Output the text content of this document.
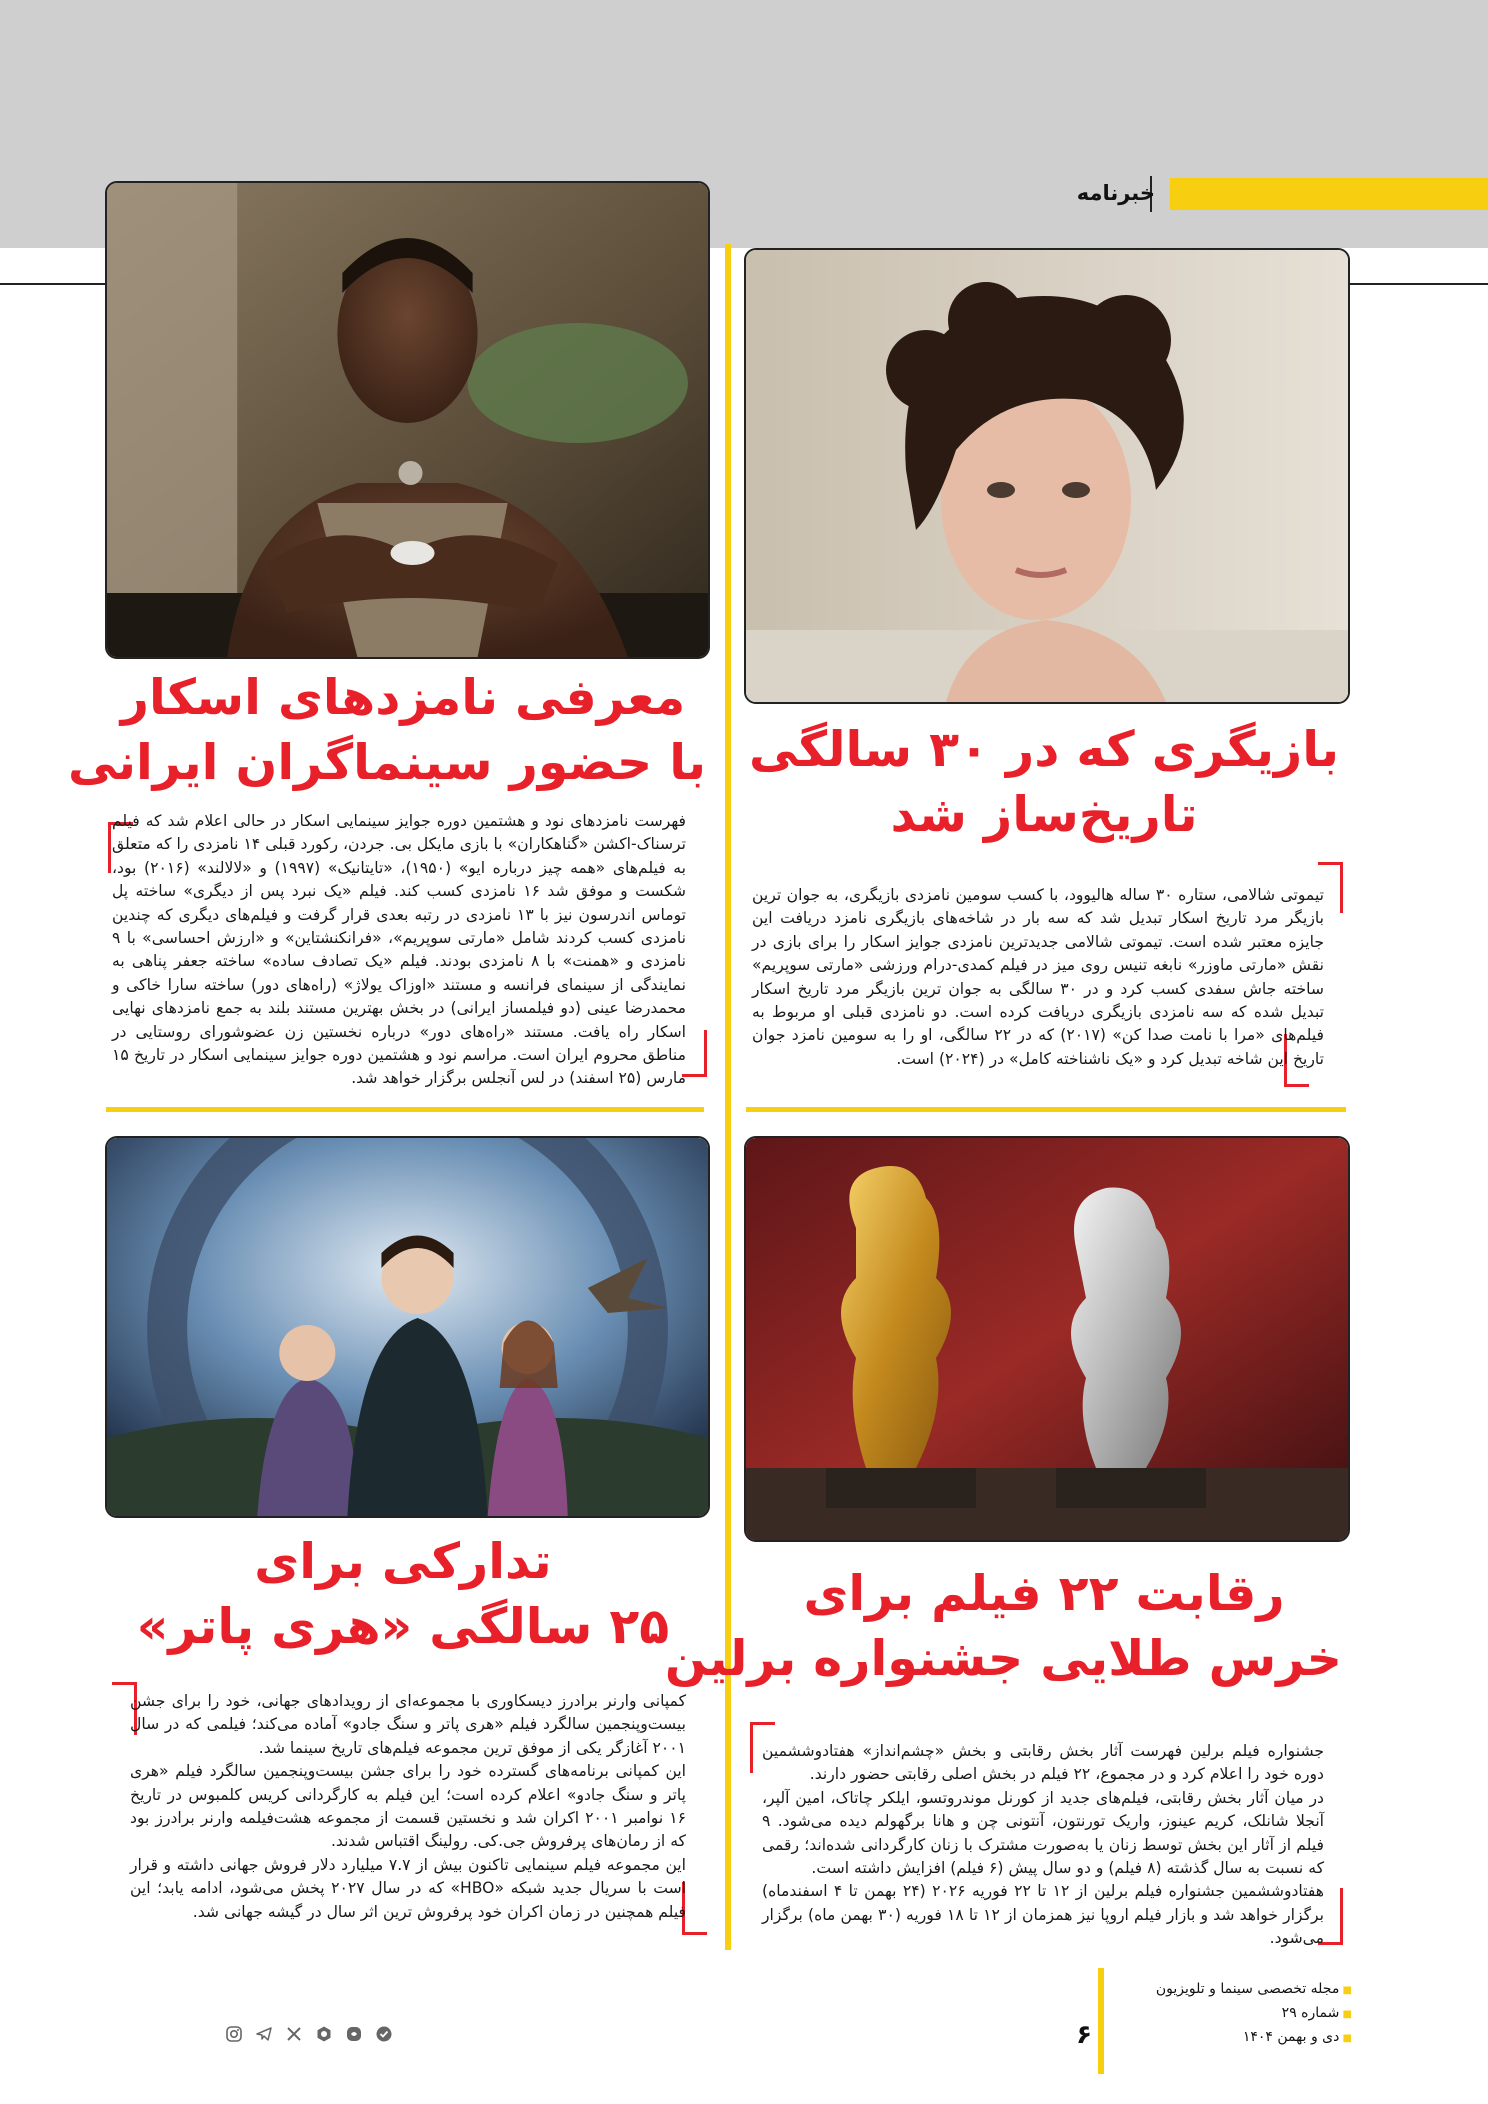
خبرنامه
معرفی نامزدهای اسکار
با حضور سینماگران ایرانی بازیگری که در ۳۰ سالگی
تاریخ‌ساز شد
تدارکی برای
۲۵ سالگی «هری پاتر»
رقابت ۲۲ فیلم برای
خرس طلایی جشنواره برلین

فهرست نامزدهای نود و هشتمین دوره جوایز سینمایی اسکار در حالی اعلام شد که فیلم ترسناک-اکشن «گناهکاران» با بازی مایکل بی. جردن، رکورد قبلی ۱۴ نامزدی را که متعلق به فیلم‌های «همه چیز درباره ایو» (۱۹۵۰)، «تایتانیک» (۱۹۹۷) و «لالالند» (۲۰۱۶) بود، شکست و موفق شد ۱۶ نامزدی کسب کند. فیلم «یک نبرد پس از دیگری» ساخته پل توماس اندرسون نیز با ۱۳ نامزدی در رتبه بعدی قرار گرفت و فیلم‌های دیگری که چندین نامزدی کسب کردند شامل «مارتی سوپریم»، «فرانکنشتاین» و «ارزش احساسی» با ۹ نامزدی و «همنت» با ۸ نامزدی بودند. فیلم «یک تصادف ساده» ساخته جعفر پناهی به نمایندگی از سینمای فرانسه و مستند «اوزاک یولاژ» (راه‌های دور) ساخته سارا خاکی و محمدرضا عینی (دو فیلمساز ایرانی) در بخش بهترین مستند بلند به جمع نامزدهای نهایی اسکار راه یافت. مستند «راه‌های دور» درباره نخستین زن عضوشورای روستایی در مناطق محروم ایران است. مراسم نود و هشتمین دوره جوایز سینمایی اسکار در تاریخ ۱۵ مارس (۲۵ اسفند) در لس آنجلس برگزار خواهد شد.

تیموتی شالامی، ستاره ۳۰ ساله هالیوود، با کسب سومین نامزدی بازیگری، به جوان ترین بازیگر مرد تاریخ اسکار تبدیل شد که سه بار در شاخه‌های بازیگری نامزد دریافت این جایزه معتبر شده است. تیموتی شالامی جدیدترین نامزدی جوایز اسکار را برای بازی در نقش «مارتی ماوزر» نابغه تنیس روی میز در فیلم کمدی-درام ورزشی «مارتی سوپریم» ساخته جاش سفدی کسب کرد و در ۳۰ سالگی به جوان ترین بازیگر مرد تاریخ اسکار تبدیل شده که سه نامزدی بازیگری دریافت کرده است. دو نامزدی قبلی او مربوط به فیلم‌های «مرا با نامت صدا کن» (۲۰۱۷) که در ۲۲ سالگی، او را به سومین نامزد جوان تاریخ این شاخه تبدیل کرد و «یک ناشناخته کامل» در (۲۰۲۴) است.

کمپانی وارنر برادرز دیسکاوری با مجموعه‌ای از رویدادهای جهانی، خود را برای جشن بیست‌وپنجمین سالگرد فیلم «هری پاتر و سنگ جادو» آماده می‌کند؛ فیلمی که در سال ۲۰۰۱ آغازگر یکی از موفق ترین مجموعه فیلم‌های تاریخ سینما شد.

این کمپانی برنامه‌های گسترده خود را برای جشن بیست‌وپنجمین سالگرد فیلم «هری پاتر و سنگ جادو» اعلام کرده است؛ این فیلم به کارگردانی کریس کلمبوس در تاریخ ۱۶ نوامبر ۲۰۰۱ اکران شد و نخستین قسمت از مجموعه هشت‌فیلمه وارنر برادرز بود که از رمان‌های پرفروش جی.کی. رولینگ اقتباس شدند.

این مجموعه فیلم سینمایی تاکنون بیش از ۷.۷ میلیارد دلار فروش جهانی داشته و قرار است با سریال جدید شبکه «HBO» که در سال ۲۰۲۷ پخش می‌شود، ادامه یابد؛ این فیلم همچنین در زمان اکران خود پرفروش ترین اثر سال در گیشه جهانی شد.

جشنواره فیلم برلین فهرست آثار بخش رقابتی و بخش «چشم‌انداز» هفتادوششمین دوره خود را اعلام کرد و در مجموع، ۲۲ فیلم در بخش اصلی رقابتی حضور دارند.

در میان آثار بخش رقابتی، فیلم‌های جدید از کورنل موندروتسو، ایلکر چاتاک، امین آلپر، آنجلا شانلک، کریم عینوز، واریک تورنتون، آنتونی چن و هانا برگهولم دیده می‌شود. ۹ فیلم از آثار این بخش توسط زنان یا به‌صورت مشترک با زنان کارگردانی شده‌اند؛ رقمی که نسبت به سال گذشته (۸ فیلم) و دو سال پیش (۶ فیلم) افزایش داشته است.

هفتادوششمین جشنواره فیلم برلین از ۱۲ تا ۲۲ فوریه ۲۰۲۶ (۲۴ بهمن تا ۴ اسفندماه) برگزار خواهد شد و بازار فیلم اروپا نیز همزمان از ۱۲ تا ۱۸ فوریه (۳۰ بهمن ماه) برگزار می‌شود.

۶
■ مجله تخصصی سینما و تلویزیون
■ شماره ۲۹
■ دی و بهمن ۱۴۰۴
